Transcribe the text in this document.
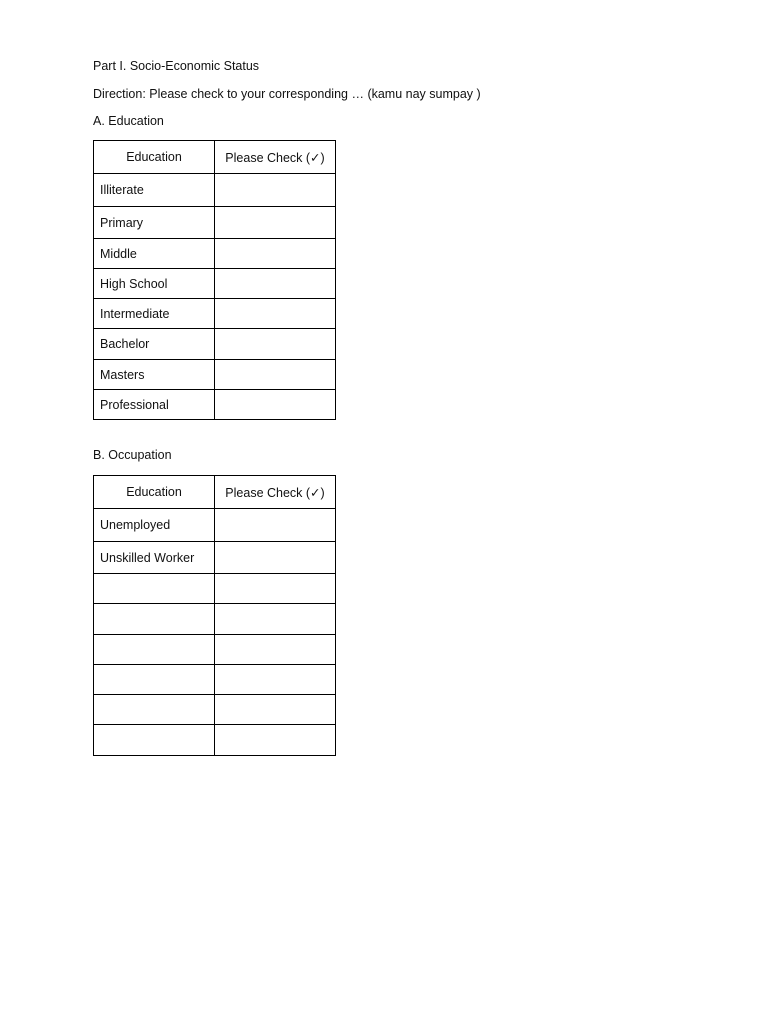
Part I. Socio-Economic Status
Direction: Please check to your corresponding … (kamu nay sumpay )
A. Education
Education	Please Check (✓)
Illiterate	
Primary	
Middle	
High School	
Intermediate	
Bachelor	
Masters	
Professional	
B. Occupation
Education	Please Check (✓)
Unemployed	
Unskilled Worker	
